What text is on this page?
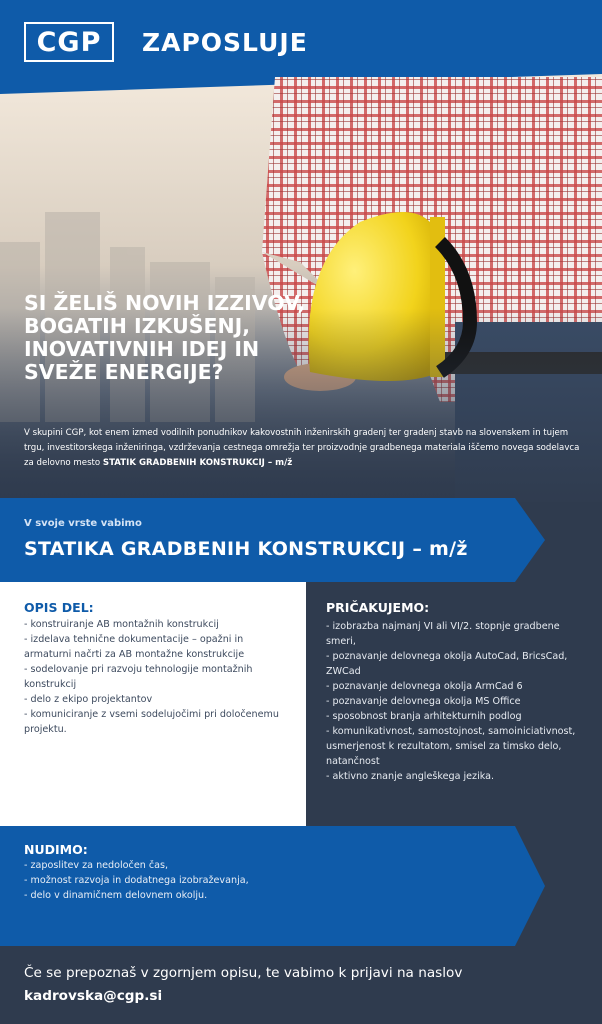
CGP	ZAPOSLUJE
SI ŽELIŠ NOVIH IZZIVOV,
BOGATIH IZKUŠENJ,
INOVATIVNIH IDEJ IN
SVEŽE ENERGIJE?
V skupini CGP, kot enem izmed vodilnih ponudnikov kakovostnih inženirskih gradenj ter gradenj stavb na slovenskem in tujem trgu, investitorskega inženiringa, vzdrževanja cestnega omrežja ter proizvodnje gradbenega materiala iščemo novega sodelavca za delovno mesto STATIK GRADBENIH KONSTRUKCIJ – m/ž
V svoje vrste vabimo
STATIKA GRADBENIH KONSTRUKCIJ – m/ž
OPIS DEL:
- konstruiranje AB montažnih konstrukcij
- izdelava tehnične dokumentacije – opažni in armaturni načrti za AB montažne konstrukcije
- sodelovanje pri razvoju tehnologije montažnih konstrukcij
- delo z ekipo projektantov
- komuniciranje z vsemi sodelujočimi pri določenemu projektu.
PRIČAKUJEMO:
- izobrazba najmanj VI ali VI/2. stopnje gradbene smeri,
- poznavanje delovnega okolja AutoCad, BricsCad, ZWCad
- poznavanje delovnega okolja ArmCad 6
- poznavanje delovnega okolja MS Office
- sposobnost branja arhitekturnih podlog
- komunikativnost, samostojnost, samoiniciativnost, usmerjenost k rezultatom, smisel za timsko delo, natančnost
- aktivno znanje angleškega jezika.
NUDIMO:
- zaposlitev za nedoločen čas,
- možnost razvoja in dodatnega izobraževanja,
- delo v dinamičnem delovnem okolju.
Če se prepoznaš v zgornjem opisu, te vabimo k prijavi na naslov
kadrovska@cgp.si
